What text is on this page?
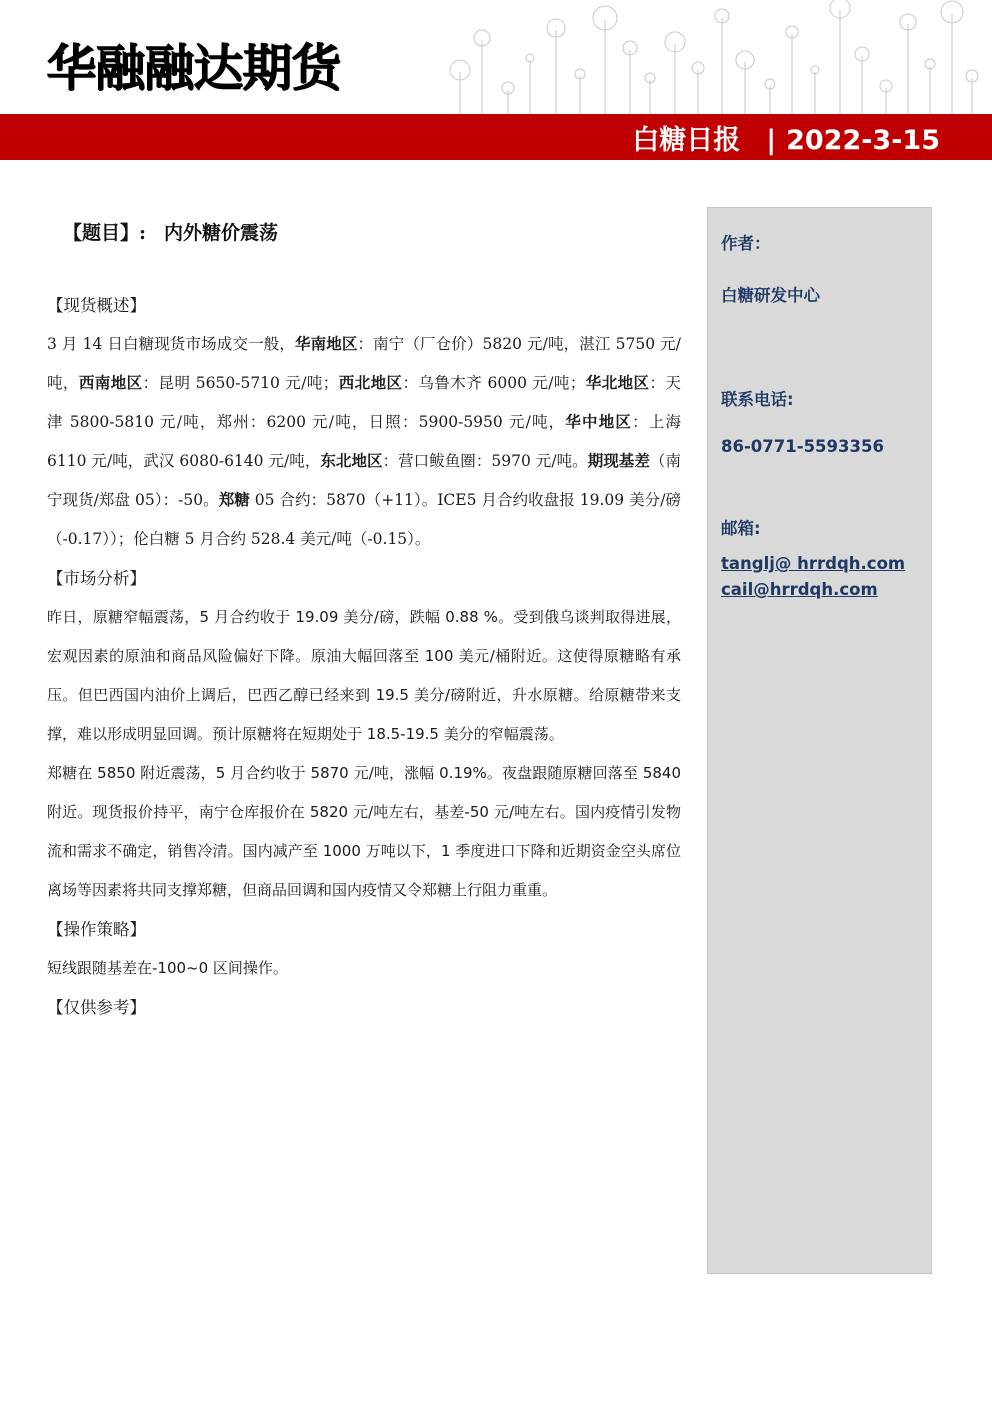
华融融达期货
白糖日报 | 2022-3-15
【题目】: 内外糖价震荡
【现货概述】
3 月 14 日白糖现货市场成交一般，华南地区：南宁（厂仓价）5820 元/吨，湛江 5750 元/吨，西南地区：昆明 5650-5710 元/吨；西北地区：乌鲁木齐 6000 元/吨；华北地区：天津 5800-5810 元/吨，郑州：6200 元/吨，日照：5900-5950 元/吨，华中地区：上海 6110 元/吨，武汉 6080-6140 元/吨，东北地区：营口鲅鱼圈：5970 元/吨。期现基差（南宁现货/郑盘 05）：-50。郑糖 05 合约：5870（+11）。ICE5 月合约收盘报 19.09 美分/磅（-0.17））；伦白糖 5 月合约 528.4 美元/吨（-0.15）。
【市场分析】
昨日，原糖窄幅震荡，5 月合约收于 19.09 美分/磅，跌幅 0.88 %。受到俄乌谈判取得进展，宏观因素的原油和商品风险偏好下降。原油大幅回落至 100 美元/桶附近。这使得原糖略有承压。但巴西国内油价上调后，巴西乙醇已经来到 19.5 美分/磅附近，升水原糖。给原糖带来支撑，难以形成明显回调。预计原糖将在短期处于 18.5-19.5 美分的窄幅震荡。
郑糖在 5850 附近震荡，5 月合约收于 5870 元/吨，涨幅 0.19%。夜盘跟随原糖回落至 5840 附近。现货报价持平，南宁仓库报价在 5820 元/吨左右，基差-50 元/吨左右。国内疫情引发物流和需求不确定，销售冷清。国内减产至 1000 万吨以下，1 季度进口下降和近期资金空头席位离场等因素将共同支撑郑糖，但商品回调和国内疫情又令郑糖上行阻力重重。
【操作策略】
短线跟随基差在-100~0 区间操作。
【仅供参考】
作者：
白糖研发中心
联系电话:
86-0771-5593356
邮箱:
tanglj@ hrrdqh.com
cail@hrrdqh.com
